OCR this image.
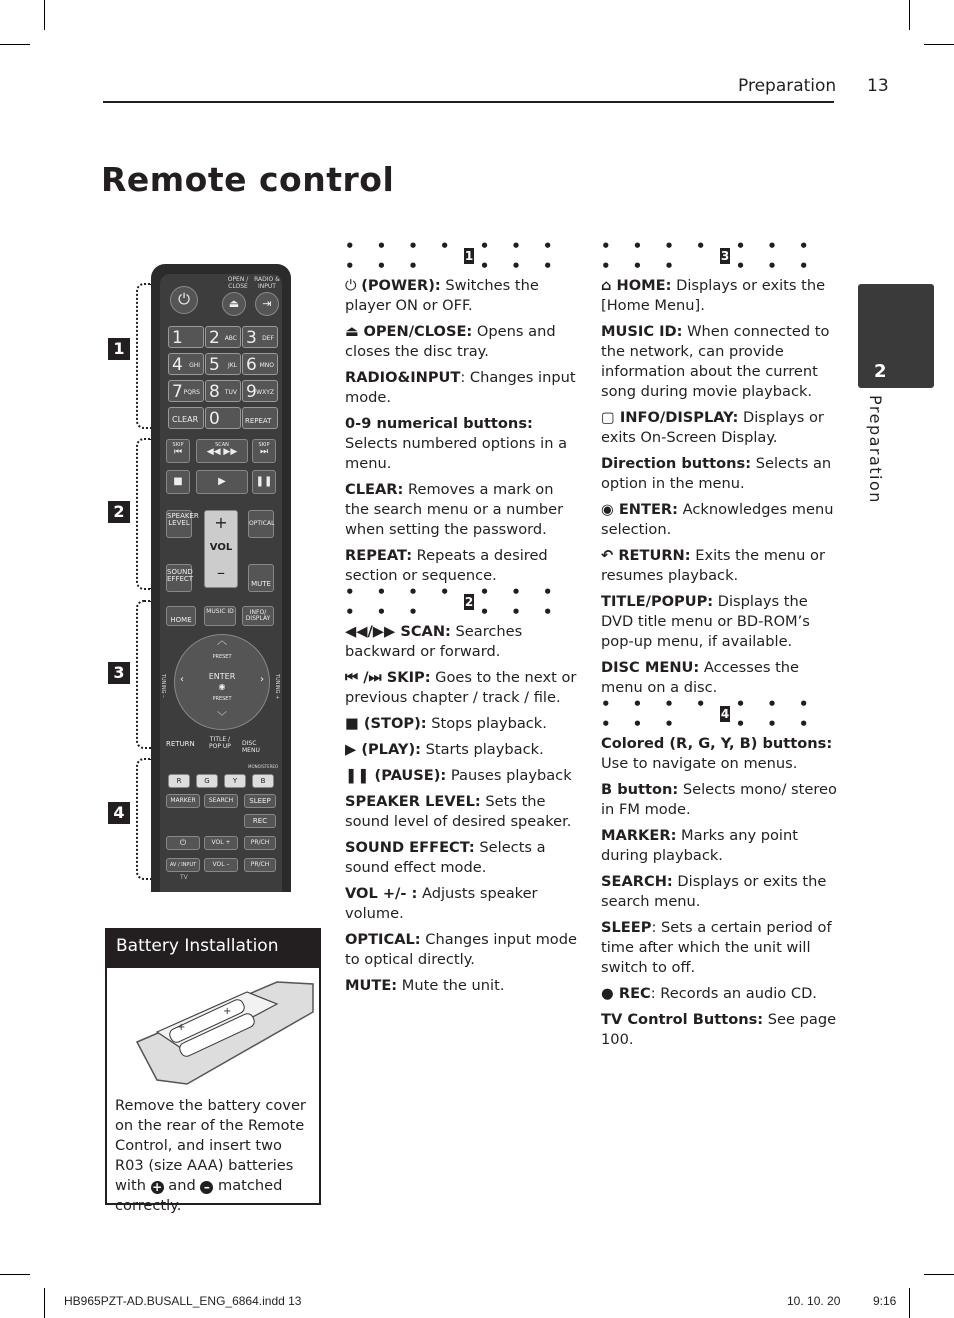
Preparation 13
Remote control
2
Preparation
1
2
3
4
⏻
OPEN / CLOSE
RADIO & INPUT
⏏	⇥
1 2 ABC 3 DEF
4 GHI 5 JKL 6 MNO
7 PQRS 8 TUV 9 WXYZ
CLEAR 0	REPEAT
SKIP
⏮
SCAN
◀◀ ▶▶
SKIP
⏭
■	▶	❚❚
SPEAKER LEVEL	+
VOL
–
OPTICAL
SOUND EFFECT
MUTE
HOME
MUSIC ID	INFO/ DISPLAY
TUNING –	TUNING +
PRESET
ENTER
◉
PRESET
︿
﹀
‹	›
RETURN
TITLE / POP UP	DISC MENU
R	G	Y	B
MONO/STEREO
MARKER	SEARCH	SLEEP
REC
⏻	VOL +	PR/CH
AV / INPUT	VOL –	PR/CH
TV
Battery Installation
+
+
Remove the battery cover on the rear of the Remote Control, and insert two R03 (size AAA) batteries with + and – matched correctly.
• • • • • • •
1
• • • • • •

⏻ (POWER): Switches the player ON or OFF.

⏏ OPEN/CLOSE: Opens and closes the disc tray.

RADIO&INPUT: Changes input mode.

0-9 numerical buttons: Selects numbered options in a menu.

CLEAR: Removes a mark on the search menu or a number when setting the password.

REPEAT: Repeats a desired section or sequence.

• • • • • • •
2
• • • • • •

◀◀/▶▶ SCAN: Searches backward or forward.

⏮ /⏭ SKIP: Goes to the next or previous chapter / track / file.

■ (STOP): Stops playback.

▶ (PLAY): Starts playback.

❚❚ (PAUSE): Pauses playback

SPEAKER LEVEL: Sets the sound level of desired speaker.

SOUND EFFECT: Selects a sound effect mode.

VOL +/- : Adjusts speaker volume.

OPTICAL: Changes input mode to optical directly.

MUTE: Mute the unit.

• • • • • • •
3
• • • • • •

⌂ HOME: Displays or exits the [Home Menu].

MUSIC ID: When connected to the network, can provide information about the current song during movie playback.

▢ INFO/DISPLAY: Displays or exits On-Screen Display.

Direction buttons: Selects an option in the menu.

◉ ENTER: Acknowledges menu selection.

↶ RETURN: Exits the menu or resumes playback.

TITLE/POPUP: Displays the DVD title menu or BD-ROM’s pop-up menu, if available.

DISC MENU: Accesses the menu on a disc.

• • • • • • •
4
• • • • • •

Colored (R, G, Y, B) buttons: Use to navigate on menus.

B button: Selects mono/ stereo in FM mode.

MARKER: Marks any point during playback.

SEARCH: Displays or exits the search menu.

SLEEP: Sets a certain period of time after which the unit will switch to off.

● REC: Records an audio CD.

TV Control Buttons: See page 100.

HB965PZT-AD.BUSALL_ENG_6864.indd 13	10. 10. 20	9:16
